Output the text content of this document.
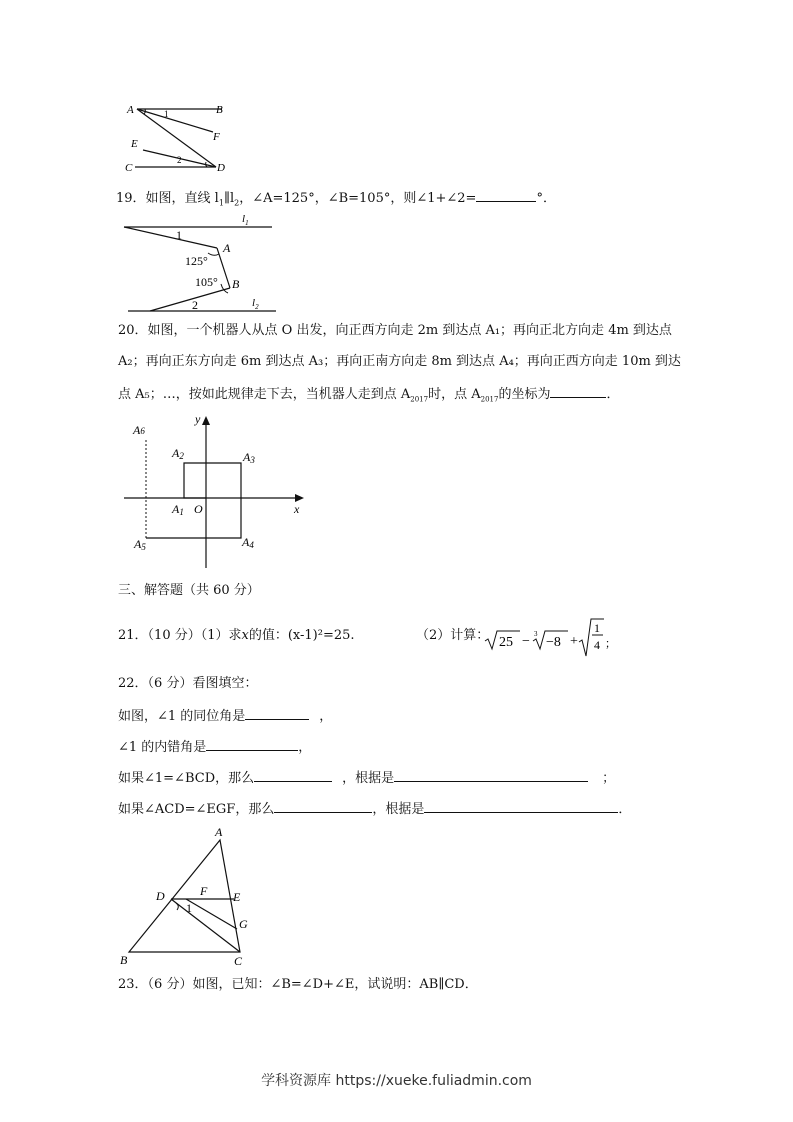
A	B
F
E
C	D
1
2
19．如图，直线 $l_1\parallel l_2$，∠A=125°，∠B=105°，则∠1+∠2=	°．
$l_1$
$l_2$
A
B
125°
105°
1
2
20．如图，一个机器人从点 O 出发，向正西方向走 2m 到达点 A₁；再向正北方向走 4m 到达点
A₂；再向正东方向走 6m 到达点 A₃；再向正南方向走 8m 到达点 A₄；再向正西方向走 10m 到达
点 A₅；…，按如此规律走下去，当机器人走到点 $A_{2017}$时，点 $A_{2017}$的坐标为	．
y
x
O
A1
A2	A3
A4
A5
A6
三、解答题（共 60 分）
21．（10 分）（1）求x的值：(x-1)²=25.	（2）计算： 25 − 3
−8 +
1
4 ；
22．（6 分）看图填空：
如图，∠1 的同位角是	，
∠1 的内错角是	，
如果∠1=∠BCD，那么	，根据是	；
如果∠ACD=∠EGF，那么	，根据是	．
A
B	C
D	E
F
G
1
23．（6 分）如图，已知：∠B=∠D+∠E，试说明：AB∥CD．
学科资源库 https://xueke.fuliadmin.com
